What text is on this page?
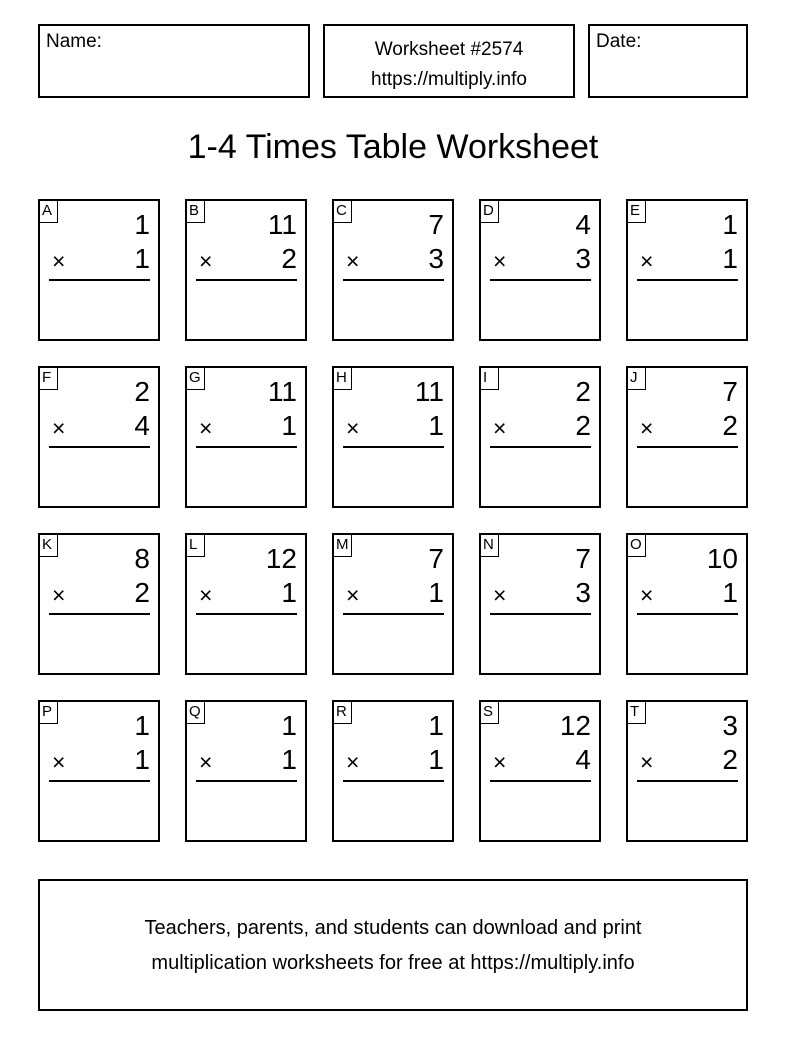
Name:	Worksheet #2574
https://multiply.info
Date:
1-4 Times Table Worksheet
A	1
× 1
B 11
× 2
C	7
× 3
D	4
× 3
E	1
× 1
F	2
× 4
G 11
× 1
H 11
× 1
I	2
× 2
J	7
× 2
K	8
× 2
L 12
× 1
M	7
× 1
N	7
× 3
O 10
× 1
P	1
× 1
Q	1
× 1
R	1
× 1
S 12
× 4
T	3
× 2
Teachers, parents, and students can download and print
multiplication worksheets for free at https://multiply.info
